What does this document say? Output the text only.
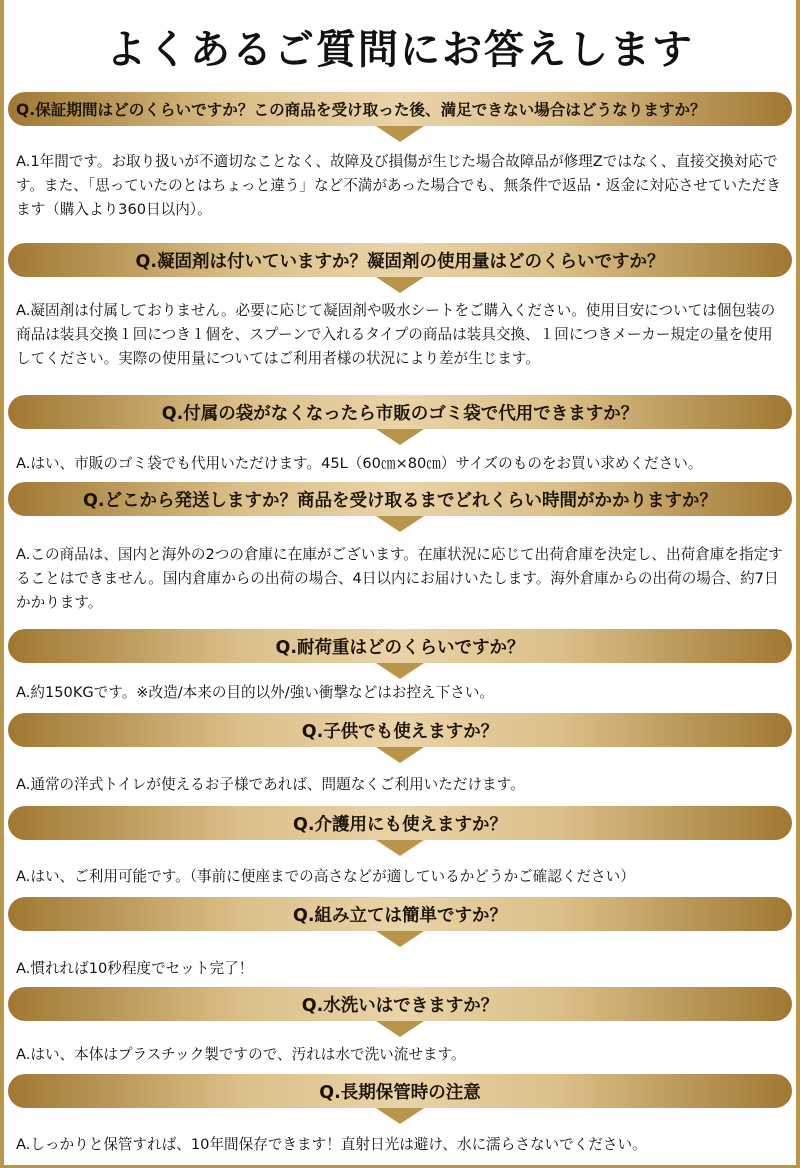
よくあるご質問にお答えします
Q.保証期間はどのくらいですか？この商品を受け取った後、満足できない場合はどうなりますか？
A.1年間です。お取り扱いが不適切なことなく、故障及び損傷が生じた場合故障品が修理Zではなく、直接交換対応です。また、「思っていたのとはちょっと違う」など不満があった場合でも、無条件で返品・返金に対応させていただきます（購入より360日以内）。
Q.凝固剤は付いていますか？凝固剤の使用量はどのくらいですか？
A.凝固剤は付属しておりません。必要に応じて凝固剤や吸水シートをご購入ください。使用目安については個包装の商品は装具交換１回につき１個を、スプーンで入れるタイプの商品は装具交換、１回につきメーカー規定の量を使用してください。実際の使用量についてはご利用者様の状況により差が生じます。
Q.付属の袋がなくなったら市販のゴミ袋で代用できますか？
A.はい、市販のゴミ袋でも代用いただけます。45L（60㎝×80㎝）サイズのものをお買い求めください。
Q.どこから発送しますか？商品を受け取るまでどれくらい時間がかかりますか？
A.この商品は、国内と海外の2つの倉庫に在庫がございます。在庫状況に応じて出荷倉庫を決定し、出荷倉庫を指定することはできません。国内倉庫からの出荷の場合、4日以内にお届けいたします。海外倉庫からの出荷の場合、約7日かかります。
Q.耐荷重はどのくらいですか？
A.約150KGです。※改造/本来の目的以外/強い衝撃などはお控え下さい。
Q.子供でも使えますか？
A.通常の洋式トイレが使えるお子様であれば、問題なくご利用いただけます。
Q.介護用にも使えますか？
A.はい、ご利用可能です。（事前に便座までの高さなどが適しているかどうかご確認ください）
Q.組み立ては簡単ですか？
A.慣れれば10秒程度でセット完了！
Q.水洗いはできますか？
A.はい、本体はプラスチック製ですので、汚れは水で洗い流せます。
Q.長期保管時の注意
A.しっかりと保管すれば、10年間保存できます！直射日光は避け、水に濡らさないでください。
